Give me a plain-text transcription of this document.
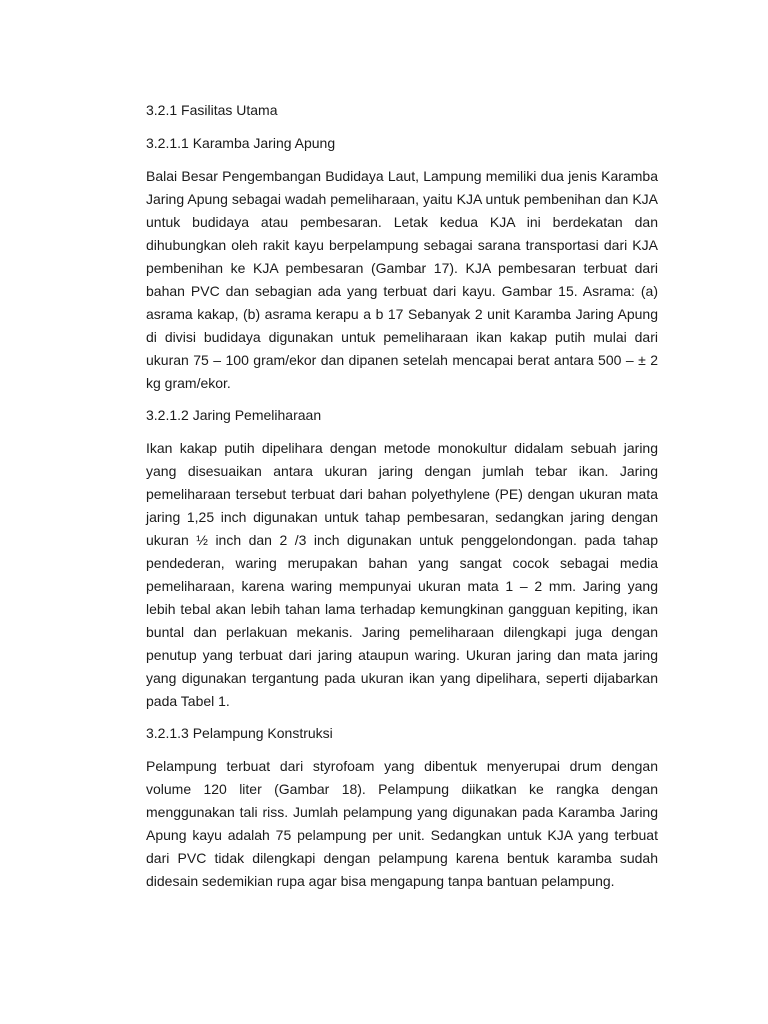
3.2.1 Fasilitas Utama
3.2.1.1 Karamba Jaring Apung

Balai Besar Pengembangan Budidaya Laut, Lampung memiliki dua jenis Karamba Jaring Apung sebagai wadah pemeliharaan, yaitu KJA untuk pembenihan dan KJA untuk budidaya atau pembesaran. Letak kedua KJA ini berdekatan dan dihubungkan oleh rakit kayu berpelampung sebagai sarana transportasi dari KJA pembenihan ke KJA pembesaran (Gambar 17). KJA pembesaran terbuat dari bahan PVC dan sebagian ada yang terbuat dari kayu. Gambar 15. Asrama: (a) asrama kakap, (b) asrama kerapu a b 17 Sebanyak 2 unit Karamba Jaring Apung di divisi budidaya digunakan untuk pemeliharaan ikan kakap putih mulai dari ukuran 75 – 100 gram/ekor dan dipanen setelah mencapai berat antara 500 – ± 2 kg gram/ekor.

3.2.1.2 Jaring Pemeliharaan

Ikan kakap putih dipelihara dengan metode monokultur didalam sebuah jaring yang disesuaikan antara ukuran jaring dengan jumlah tebar ikan. Jaring pemeliharaan tersebut terbuat dari bahan polyethylene (PE) dengan ukuran mata jaring 1,25 inch digunakan untuk tahap pembesaran, sedangkan jaring dengan ukuran ½ inch dan 2 /3 inch digunakan untuk penggelondongan. pada tahap pendederan, waring merupakan bahan yang sangat cocok sebagai media pemeliharaan, karena waring mempunyai ukuran mata 1 – 2 mm. Jaring yang lebih tebal akan lebih tahan lama terhadap kemungkinan gangguan kepiting, ikan buntal dan perlakuan mekanis. Jaring pemeliharaan dilengkapi juga dengan penutup yang terbuat dari jaring ataupun waring. Ukuran jaring dan mata jaring yang digunakan tergantung pada ukuran ikan yang dipelihara, seperti dijabarkan pada Tabel 1.

3.2.1.3 Pelampung Konstruksi

Pelampung terbuat dari styrofoam yang dibentuk menyerupai drum dengan volume 120 liter (Gambar 18). Pelampung diikatkan ke rangka dengan menggunakan tali riss. Jumlah pelampung yang digunakan pada Karamba Jaring Apung kayu adalah 75 pelampung per unit. Sedangkan untuk KJA yang terbuat dari PVC tidak dilengkapi dengan pelampung karena bentuk karamba sudah didesain sedemikian rupa agar bisa mengapung tanpa bantuan pelampung.
